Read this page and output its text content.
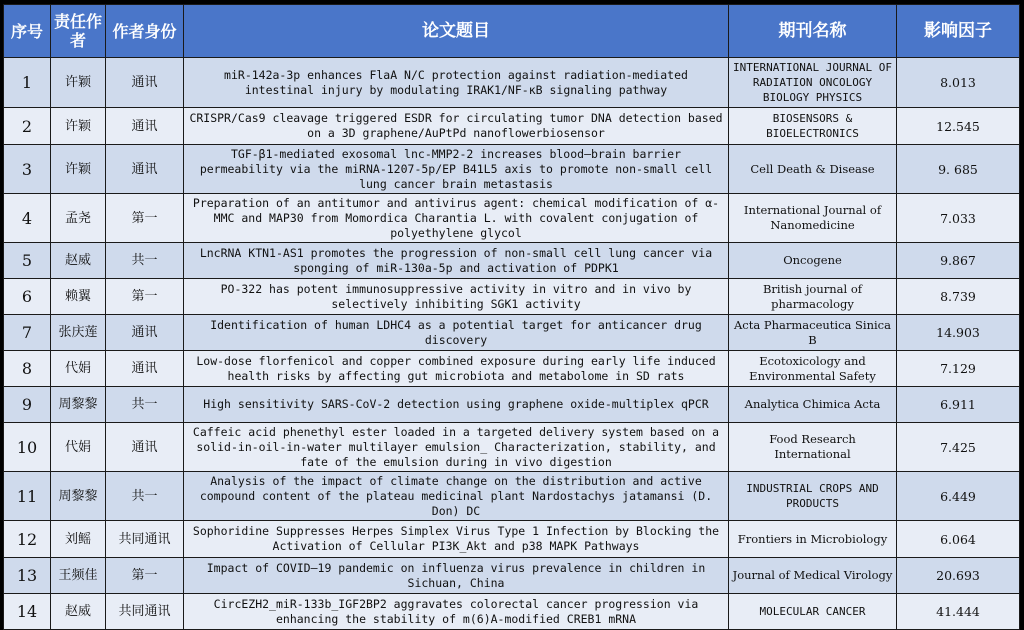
序号	责任作者	作者身份	论文题目	期刊名称	影响因子
1	许颖	通讯	miR-142a-3p enhances FlaA N/C protection against radiation-mediated intestinal injury by modulating IRAK1/NF-κB signaling pathway	INTERNATIONAL JOURNAL OF RADIATION ONCOLOGY BIOLOGY PHYSICS	8.013
2	许颖	通讯	CRISPR/Cas9 cleavage triggered ESDR for circulating tumor DNA detection based on a 3D graphene/AuPtPd nanoflowerbiosensor	BIOSENSORS & BIOELECTRONICS	12.545
3	许颖	通讯	TGF-β1-mediated exosomal lnc-MMP2-2 increases blood–brain barrier permeability via the miRNA-1207-5p/EP B41L5 axis to promote non-small cell lung cancer brain metastasis	Cell Death & Disease	9. 685
4	孟尧	第一	Preparation of an antitumor and antivirus agent: chemical modification of α-MMC and MAP30 from Momordica Charantia L. with covalent conjugation of polyethylene glycol	International Journal of Nanomedicine	7.033
5	赵威	共一	LncRNA KTN1-AS1 promotes the progression of non-small cell lung cancer via sponging of miR-130a-5p and activation of PDPK1	Oncogene	9.867
6	赖翼	第一	PO-322 has potent immunosuppressive activity in vitro and in vivo by selectively inhibiting SGK1 activity	British journal of pharmacology	8.739
7	张庆莲	通讯	Identification of human LDHC4 as a potential target for anticancer drug discovery	Acta Pharmaceutica Sinica B	14.903
8	代娟	通讯	Low-dose florfenicol and copper combined exposure during early life induced health risks by affecting gut microbiota and metabolome in SD rats	Ecotoxicology and Environmental Safety	7.129
9	周黎黎	共一	High sensitivity SARS-CoV-2 detection using graphene oxide-multiplex qPCR	Analytica Chimica Acta	6.911
10	代娟	通讯	Caffeic acid phenethyl ester loaded in a targeted delivery system based on a solid-in-oil-in-water multilayer emulsion_ Characterization, stability, and fate of the emulsion during in vivo digestion	Food Research International	7.425
11	周黎黎	共一	Analysis of the impact of climate change on the distribution and active compound content of the plateau medicinal plant Nardostachys jatamansi (D. Don) DC	INDUSTRIAL CROPS AND PRODUCTS	6.449
12	刘鳐	共同通讯	Sophoridine Suppresses Herpes Simplex Virus Type 1 Infection by Blocking the Activation of Cellular PI3K_Akt and p38 MAPK Pathways	Frontiers in Microbiology	6.064
13	王频佳	第一	Impact of COVID–19 pandemic on influenza virus prevalence in children in Sichuan, China	Journal of Medical Virology	20.693
14	赵威	共同通讯	CircEZH2_miR-133b_IGF2BP2 aggravates colorectal cancer progression via enhancing the stability of m(6)A-modified CREB1 mRNA	MOLECULAR CANCER	41.444
